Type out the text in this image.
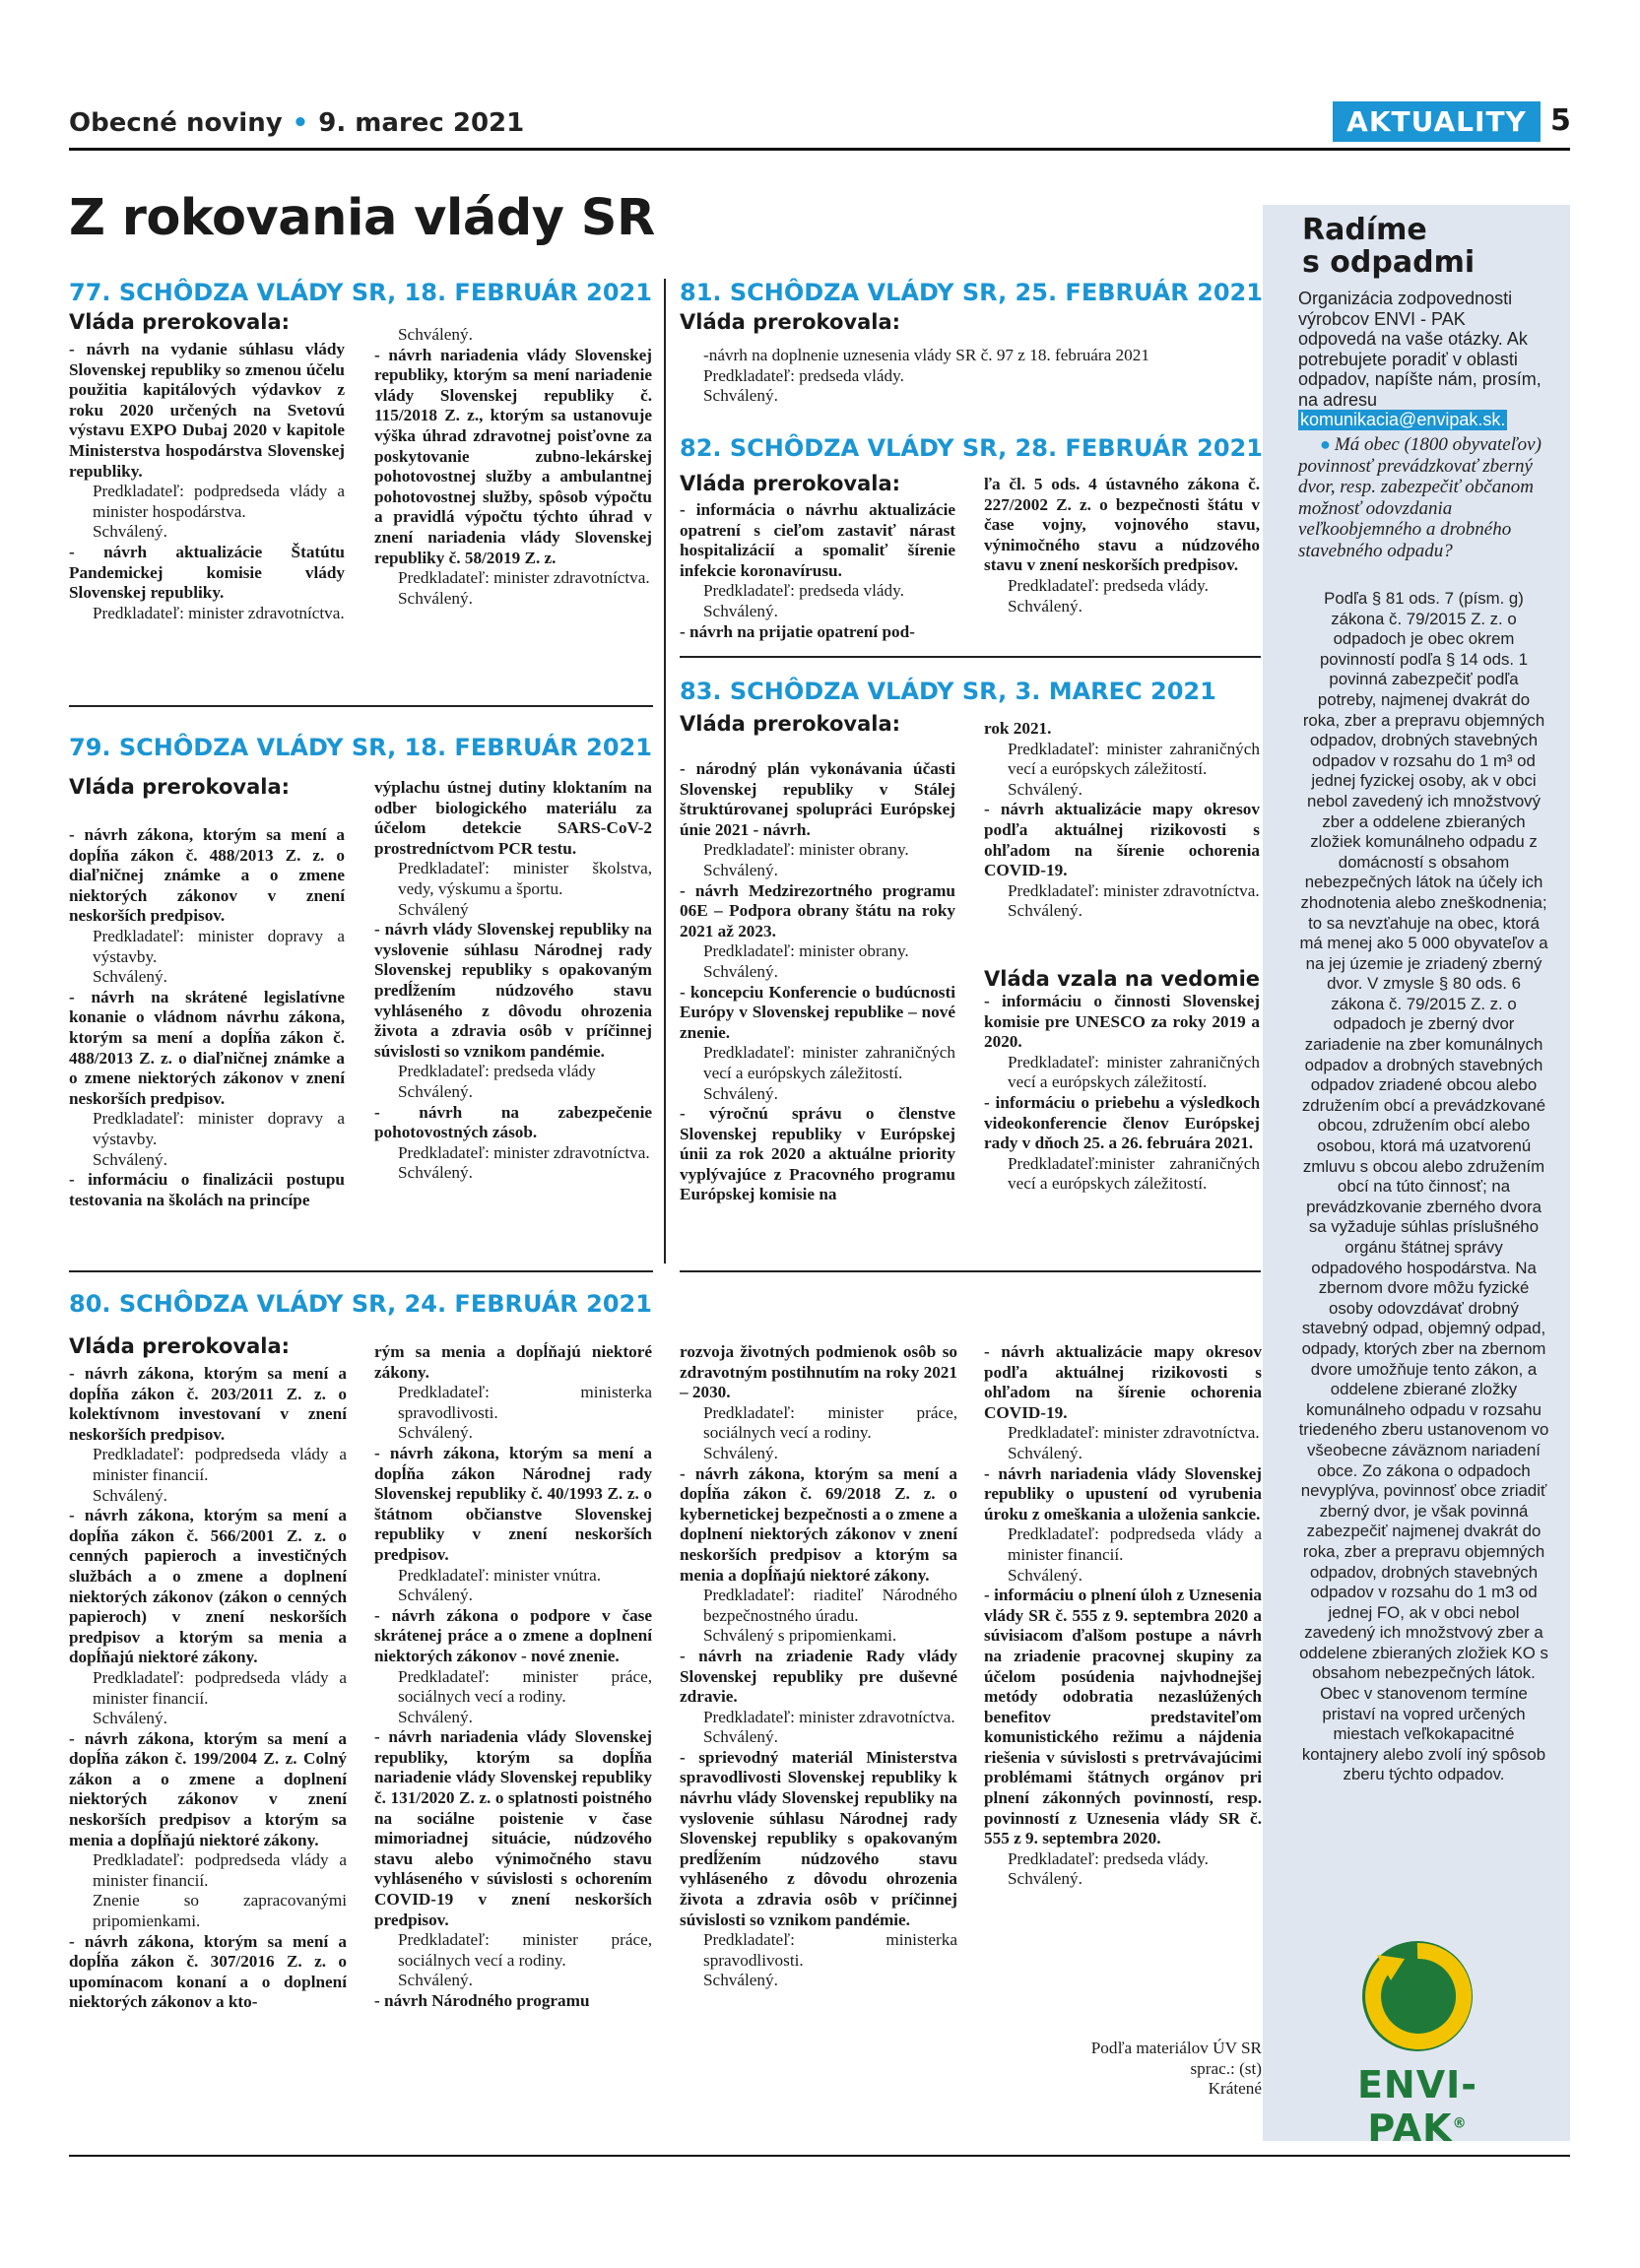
Obecné noviny • 9. marec 2021	AKTUALITY 5
Z rokovania vlády SR
77. SCHÔDZA VLÁDY SR, 18. FEBRUÁR 2021
Vláda prerokovala:

- návrh na vydanie súhlasu vlády Slovenskej republiky so zmenou účelu použitia kapitálových výdavkov z roku 2020 určených na Svetovú výstavu EXPO Dubaj 2020 v kapitole Ministerstva hospodárstva Slovenskej republiky.

Predkladateľ: podpredseda vlády a minister hospodárstva.

Schválený.

- návrh aktualizácie Štatútu Pandemickej komisie vlády Slovenskej republiky.

Predkladateľ: minister zdravotníctva.

Schválený.

- návrh nariadenia vlády Slovenskej republiky, ktorým sa mení nariadenie vlády Slovenskej republiky č. 115/2018 Z. z., ktorým sa ustanovuje výška úhrad zdravotnej poisťovne za poskytovanie zubno-lekárskej pohotovostnej služby a ambulantnej pohotovostnej služby, spôsob výpočtu a pravidlá výpočtu týchto úhrad v znení nariadenia vlády Slovenskej republiky č. 58/2019 Z. z.

Predkladateľ: minister zdravotníctva.

Schválený.

79. SCHÔDZA VLÁDY SR, 18. FEBRUÁR 2021
Vláda prerokovala:

- návrh zákona, ktorým sa mení a dopĺňa zákon č. 488/2013 Z. z. o diaľničnej známke a o zmene niektorých zákonov v znení neskorších predpisov.

Predkladateľ: minister dopravy a výstavby.

Schválený.

- návrh na skrátené legislatívne konanie o vládnom návrhu zákona, ktorým sa mení a dopĺňa zákon č. 488/2013 Z. z. o diaľničnej známke a o zmene niektorých zákonov v znení neskorších predpisov.

Predkladateľ: minister dopravy a výstavby.

Schválený.

- informáciu o finalizácii postupu testovania na školách na princípe

výplachu ústnej dutiny kloktaním na odber biologického materiálu za účelom detekcie SARS-CoV-2 prostredníctvom PCR testu.

Predkladateľ: minister školstva, vedy, výskumu a športu.

Schválený

- návrh vlády Slovenskej republiky na vyslovenie súhlasu Národnej rady Slovenskej republiky s opakovaným predĺžením núdzového stavu vyhláseného z dôvodu ohrozenia života a zdravia osôb v príčinnej súvislosti so vznikom pandémie.

Predkladateľ: predseda vlády

Schválený.

- návrh na zabezpečenie pohotovostných zásob.

Predkladateľ: minister zdravotníctva.

Schválený.

81. SCHÔDZA VLÁDY SR, 25. FEBRUÁR 2021
Vláda prerokovala:

-návrh na doplnenie uznesenia vlády SR č. 97 z 18. februára 2021

Predkladateľ: predseda vlády.

Schválený.

82. SCHÔDZA VLÁDY SR, 28. FEBRUÁR 2021
Vláda prerokovala:

- informácia o návrhu aktualizácie opatrení s cieľom zastaviť nárast hospitalizácií a spomaliť šírenie infekcie koronavírusu.

Predkladateľ: predseda vlády.

Schválený.

- návrh na prijatie opatrení pod-

ľa čl. 5 ods. 4 ústavného zákona č. 227/2002 Z. z. o bezpečnosti štátu v čase vojny, vojnového stavu, výnimočného stavu a núdzového stavu v znení neskorších predpisov.

Predkladateľ: predseda vlády.

Schválený.

83. SCHÔDZA VLÁDY SR, 3. MAREC 2021
Vláda prerokovala:

- národný plán vykonávania účasti Slovenskej republiky v Stálej štruktúrovanej spolupráci Európskej únie 2021 - návrh.

Predkladateľ: minister obrany.

Schválený.

- návrh Medzirezortného programu 06E – Podpora obrany štátu na roky 2021 až 2023.

Predkladateľ: minister obrany.

Schválený.

- koncepciu Konferencie o budúcnosti Európy v Slovenskej republike – nové znenie.

Predkladateľ: minister zahraničných vecí a európskych záležitostí.

Schválený.

- výročnú správu o členstve Slovenskej republiky v Európskej únii za rok 2020 a aktuálne priority vyplývajúce z Pracovného programu Európskej komisie na

rok 2021.

Predkladateľ: minister zahraničných vecí a európskych záležitostí.

Schválený.

- návrh aktualizácie mapy okresov podľa aktuálnej rizikovosti s ohľadom na šírenie ochorenia COVID-19.

Predkladateľ: minister zdravotníctva.

Schválený.

Vláda vzala na vedomie

- informáciu o činnosti Slovenskej komisie pre UNESCO za roky 2019 a 2020.

Predkladateľ: minister zahraničných vecí a európskych záležitostí.

- informáciu o priebehu a výsledkoch videokonferencie členov Európskej rady v dňoch 25. a 26. februára 2021.

Predkladateľ:minister zahraničných vecí a európskych záležitostí.

80. SCHÔDZA VLÁDY SR, 24. FEBRUÁR 2021
Vláda prerokovala:

- návrh zákona, ktorým sa mení a dopĺňa zákon č. 203/2011 Z. z. o kolektívnom investovaní v znení neskorších predpisov.

Predkladateľ: podpredseda vlády a minister financií.

Schválený.

- návrh zákona, ktorým sa mení a dopĺňa zákon č. 566/2001 Z. z. o cenných papieroch a investičných službách a o zmene a doplnení niektorých zákonov (zákon o cenných papieroch) v znení neskorších predpisov a ktorým sa menia a dopĺňajú niektoré zákony.

Predkladateľ: podpredseda vlády a minister financií.

Schválený.

- návrh zákona, ktorým sa mení a dopĺňa zákon č. 199/2004 Z. z. Colný zákon a o zmene a doplnení niektorých zákonov v znení neskorších predpisov a ktorým sa menia a dopĺňajú niektoré zákony.

Predkladateľ: podpredseda vlády a minister financií.

Znenie so zapracovanými pripomienkami.

- návrh zákona, ktorým sa mení a dopĺňa zákon č. 307/2016 Z. z. o upomínacom konaní a o doplnení niektorých zákonov a kto-

rým sa menia a dopĺňajú niektoré zákony.

Predkladateľ: ministerka spravodlivosti.

Schválený.

- návrh zákona, ktorým sa mení a dopĺňa zákon Národnej rady Slovenskej republiky č. 40/1993 Z. z. o štátnom občianstve Slovenskej republiky v znení neskorších predpisov.

Predkladateľ: minister vnútra.

Schválený.

- návrh zákona o podpore v čase skrátenej práce a o zmene a doplnení niektorých zákonov - nové znenie.

Predkladateľ: minister práce, sociálnych vecí a rodiny.

Schválený.

- návrh nariadenia vlády Slovenskej republiky, ktorým sa dopĺňa nariadenie vlády Slovenskej republiky č. 131/2020 Z. z. o splatnosti poistného na sociálne poistenie v čase mimoriadnej situácie, núdzového stavu alebo výnimočného stavu vyhláseného v súvislosti s ochorením COVID-19 v znení neskorších predpisov.

Predkladateľ: minister práce, sociálnych vecí a rodiny.

Schválený.

- návrh Národného programu

rozvoja životných podmienok osôb so zdravotným postihnutím na roky 2021 – 2030.

Predkladateľ: minister práce, sociálnych vecí a rodiny.

Schválený.

- návrh zákona, ktorým sa mení a dopĺňa zákon č. 69/2018 Z. z. o kybernetickej bezpečnosti a o zmene a doplnení niektorých zákonov v znení neskorších predpisov a ktorým sa menia a dopĺňajú niektoré zákony.

Predkladateľ: riaditeľ Národného bezpečnostného úradu.

Schválený s pripomienkami.

- návrh na zriadenie Rady vlády Slovenskej republiky pre duševné zdravie.

Predkladateľ: minister zdravotníctva.

Schválený.

- sprievodný materiál Ministerstva spravodlivosti Slovenskej republiky k návrhu vlády Slovenskej republiky na vyslovenie súhlasu Národnej rady Slovenskej republiky s opakovaným predĺžením núdzového stavu vyhláseného z dôvodu ohrozenia života a zdravia osôb v príčinnej súvislosti so vznikom pandémie.

Predkladateľ: ministerka spravodlivosti.

Schválený.

- návrh aktualizácie mapy okresov podľa aktuálnej rizikovosti s ohľadom na šírenie ochorenia COVID-19.

Predkladateľ: minister zdravotníctva.

Schválený.

- návrh nariadenia vlády Slovenskej republiky o upustení od vyrubenia úroku z omeškania a uloženia sankcie.

Predkladateľ: podpredseda vlády a minister financií.

Schválený.

- informáciu o plnení úloh z Uznesenia vlády SR č. 555 z 9. septembra 2020 a súvisiacom ďalšom postupe a návrh na zriadenie pracovnej skupiny za účelom posúdenia najvhodnejšej metódy odobratia nezaslúžených benefitov predstaviteľom komunistického režimu a nájdenia riešenia v súvislosti s pretrvávajúcimi problémami štátnych orgánov pri plnení zákonných povinností, resp. povinností z Uznesenia vlády SR č. 555 z 9. septembra 2020.

Predkladateľ: predseda vlády.

Schválený.

Podľa materiálov ÚV SR
sprac.: (st)
Krátené
Radíme
s odpadmi
Organizácia zodpovednosti výrobcov ENVI - PAK odpovedá na vaše otázky. Ak potrebujete poradiť v oblasti odpadov, napíšte nám, prosím, na adresu komunikacia@envipak.sk.
● Má obec (1800 obyvateľov) povinnosť prevádzkovať zberný dvor, resp. zabezpečiť občanom možnosť odovzdania veľkoobjemného a drobného stavebného odpadu?
Podľa § 81 ods. 7 (písm. g) zákona č. 79/2015 Z. z. o odpadoch je obec okrem povinností podľa § 14 ods. 1 povinná zabezpečiť podľa potreby, najmenej dvakrát do roka, zber a prepravu objemných odpadov, drobných stavebných odpadov v rozsahu do 1 m³ od jednej fyzickej osoby, ak v obci nebol zavedený ich množstvový zber a oddelene zbieraných zložiek komunálneho odpadu z domácností s obsahom nebezpečných látok na účely ich zhodnotenia alebo zneškodnenia; to sa nevzťahuje na obec, ktorá má menej ako 5 000 obyvateľov a na jej územie je zriadený zberný dvor. V zmysle § 80 ods. 6 zákona č. 79/2015 Z. z. o odpadoch je zberný dvor zariadenie na zber komunálnych odpadov a drobných stavebných odpadov zriadené obcou alebo združením obcí a prevádzkované obcou, združením obcí alebo osobou, ktorá má uzatvorenú zmluvu s obcou alebo združením obcí na túto činnosť; na prevádzkovanie zberného dvora sa vyžaduje súhlas príslušného orgánu štátnej správy odpadového hospodárstva. Na zbernom dvore môžu fyzické osoby odovzdávať drobný stavebný odpad, objemný odpad, odpady, ktorých zber na zbernom dvore umožňuje tento zákon, a oddelene zbierané zložky komunálneho odpadu v rozsahu triedeného zberu ustanovenom vo všeobecne záväznom nariadení obce. Zo zákona o odpadoch nevyplýva, povinnosť obce zriadiť zberný dvor, je však povinná zabezpečiť najmenej dvakrát do roka, zber a prepravu objemných odpadov, drobných stavebných odpadov v rozsahu do 1 m3 od jednej FO, ak v obci nebol zavedený ich množstvový zber a oddelene zbieraných zložiek KO s obsahom nebezpečných látok. Obec v stanovenom termíne pristaví na vopred určených miestach veľkokapacitné kontajnery alebo zvolí iný spôsob zberu týchto odpadov.
ENVI-PAK®
